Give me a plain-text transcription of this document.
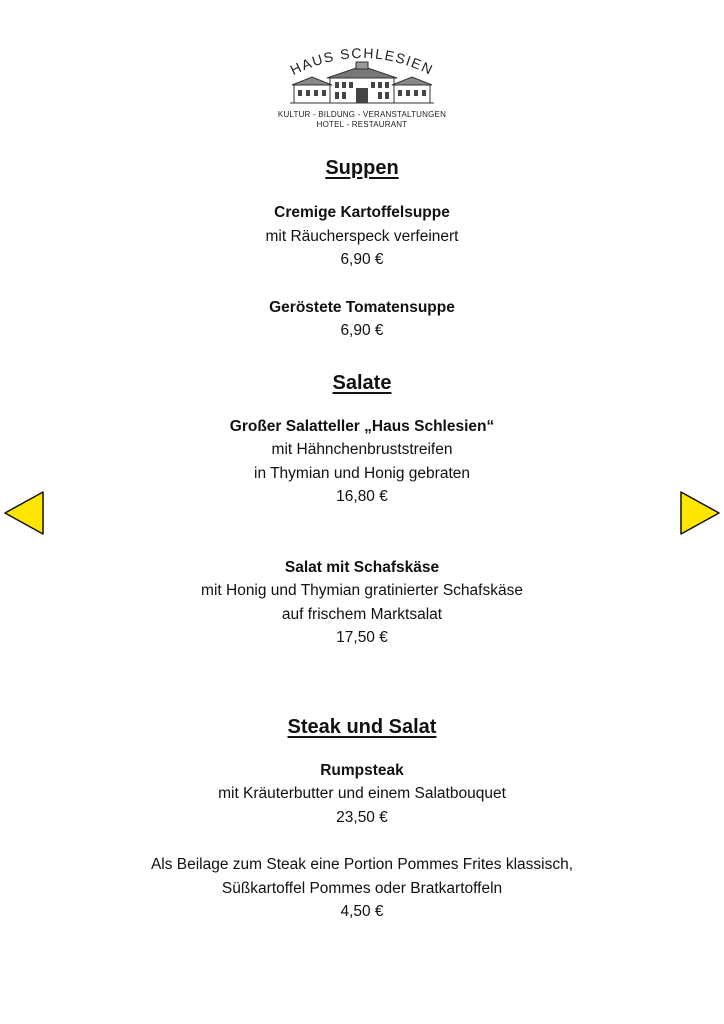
HAUS SCHLESIEN
KULTUR - BILDUNG - VERANSTALTUNGEN
HOTEL - RESTAURANT
Suppen
Cremige Kartoffelsuppe
mit Räucherspeck verfeinert
6,90 €
Geröstete Tomatensuppe
6,90 €
Salate
Großer Salatteller „Haus Schlesien“
mit Hähnchenbruststreifen
in Thymian und Honig gebraten
16,80 €
Salat mit Schafskäse
mit Honig und Thymian gratinierter Schafskäse
auf frischem Marktsalat
17,50 €
Steak und Salat
Rumpsteak
mit Kräuterbutter und einem Salatbouquet
23,50 €
Als Beilage zum Steak eine Portion Pommes Frites klassisch,
Süßkartoffel Pommes oder Bratkartoffeln
4,50 €
